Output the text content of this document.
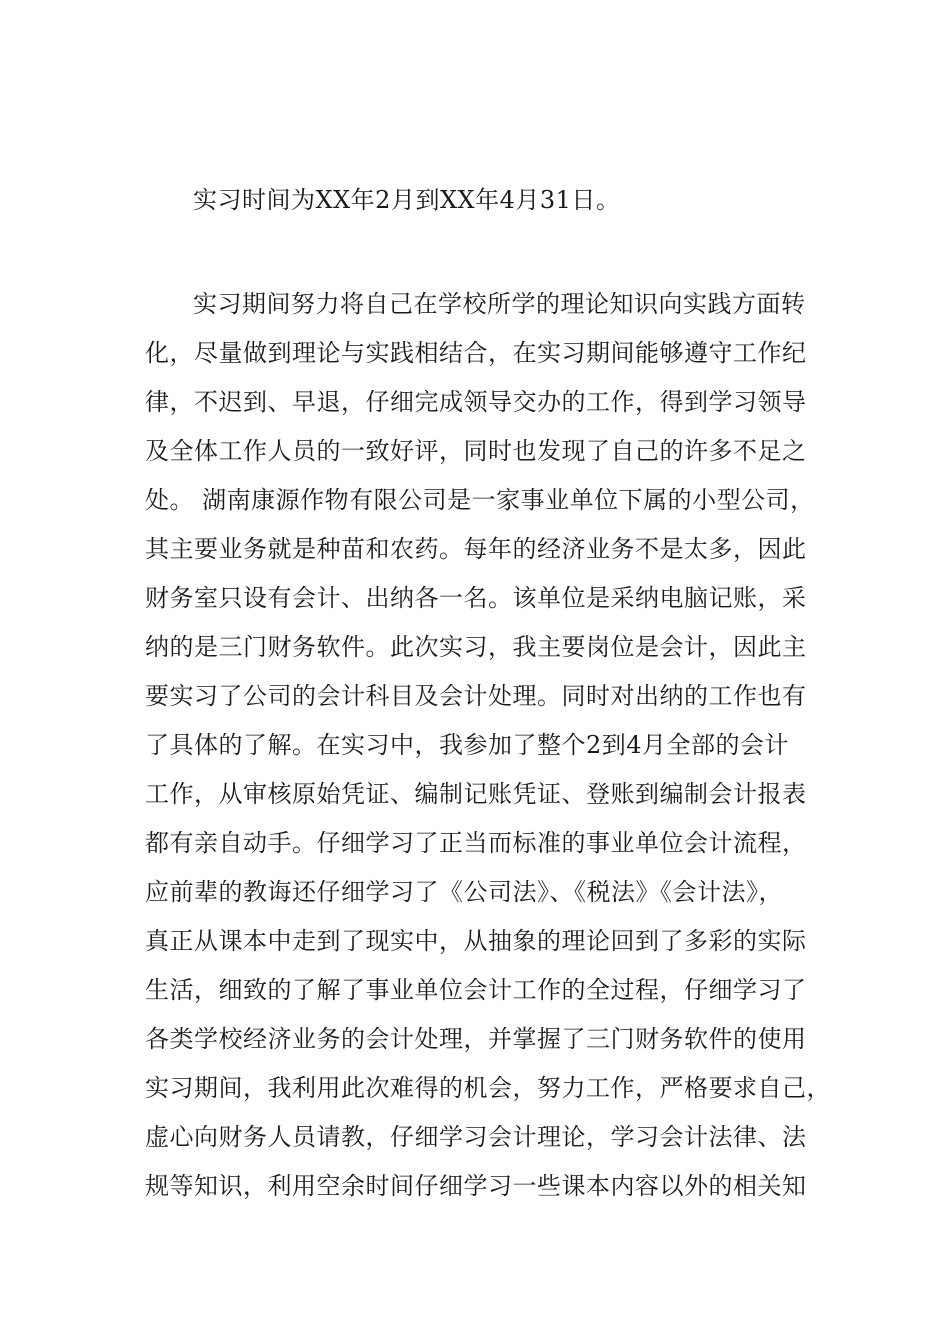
实习时间为XX年2月到XX年4月31日。
实习期间努力将自己在学校所学的理论知识向实践方面转
化，尽量做到理论与实践相结合，在实习期间能够遵守工作纪
律，不迟到、早退，仔细完成领导交办的工作，得到学习领导
及全体工作人员的一致好评，同时也发现了自己的许多不足之
处。 湖南康源作物有限公司是一家事业单位下属的小型公司，
其主要业务就是种苗和农药。每年的经济业务不是太多，因此
财务室只设有会计、出纳各一名。该单位是采纳电脑记账，采
纳的是三门财务软件。此次实习，我主要岗位是会计，因此主
要实习了公司的会计科目及会计处理。同时对出纳的工作也有
了具体的了解。在实习中，我参加了整个2到4月全部的会计
工作，从审核原始凭证、编制记账凭证、登账到编制会计报表
都有亲自动手。仔细学习了正当而标准的事业单位会计流程，
应前辈的教诲还仔细学习了《公司法》、《税法》《会计法》，
真正从课本中走到了现实中，从抽象的理论回到了多彩的实际
生活，细致的了解了事业单位会计工作的全过程，仔细学习了
各类学校经济业务的会计处理，并掌握了三门财务软件的使用
实习期间，我利用此次难得的机会，努力工作，严格要求自己，
虚心向财务人员请教，仔细学习会计理论，学习会计法律、法
规等知识，利用空余时间仔细学习一些课本内容以外的相关知
